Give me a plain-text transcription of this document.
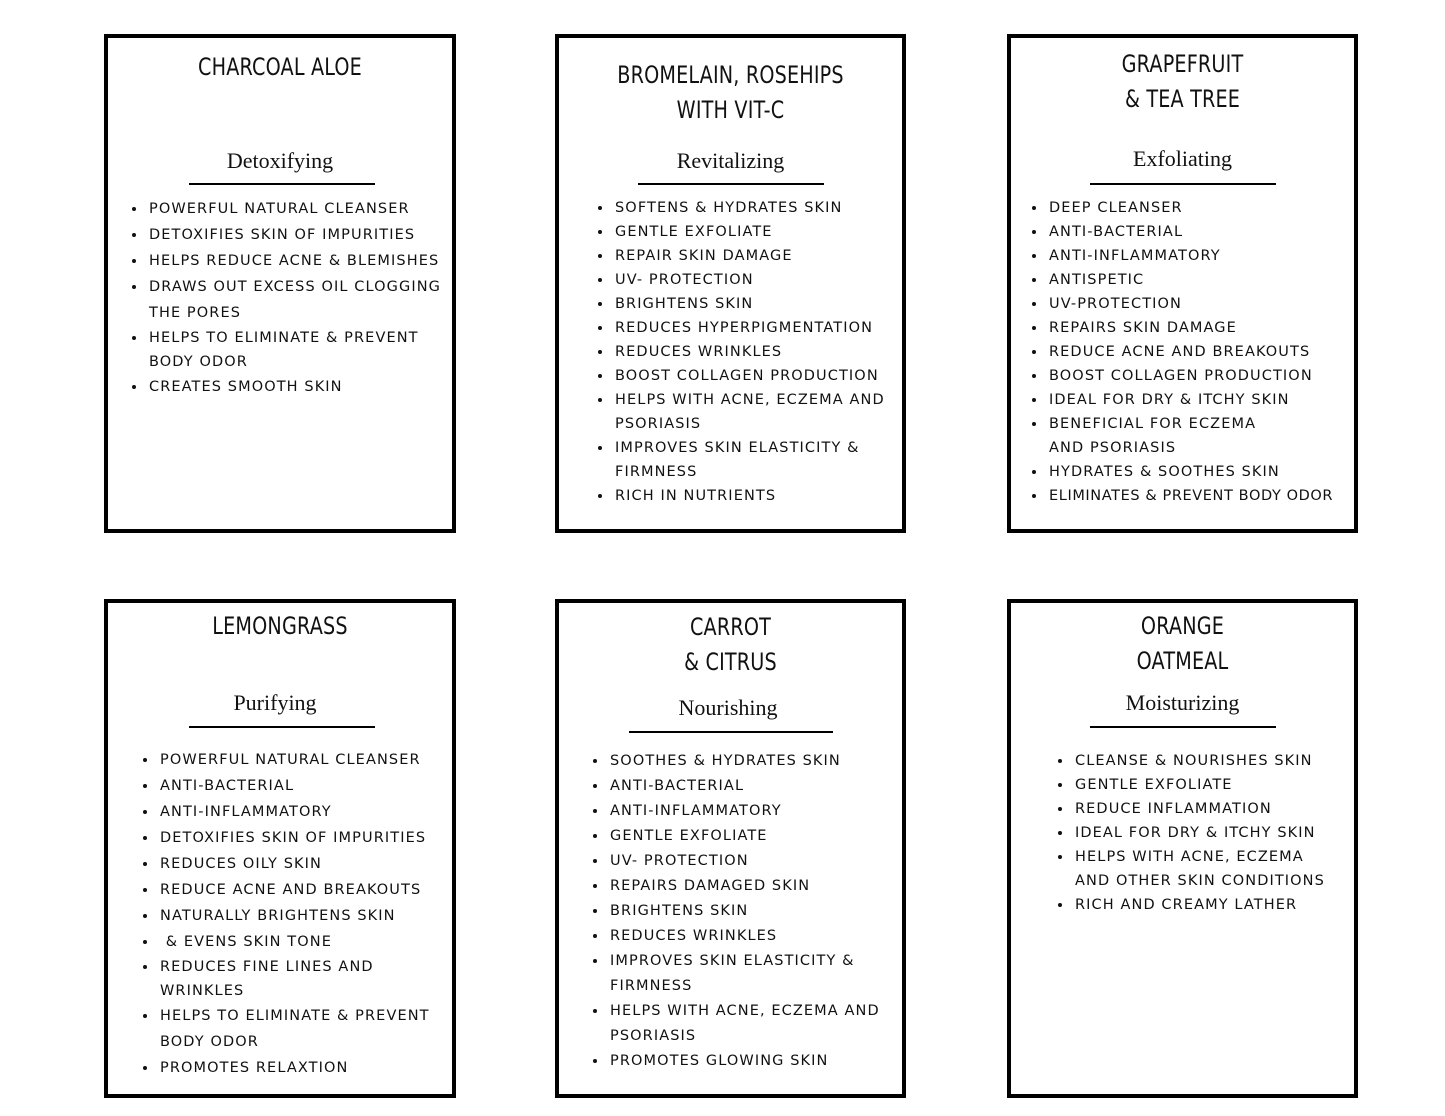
CHARCOAL ALOE
Detoxifying
• POWERFUL NATURAL CLEANSER
• DETOXIFIES SKIN OF IMPURITIES
• HELPS REDUCE ACNE & BLEMISHES
• DRAWS OUT EXCESS OIL CLOGGING THE PORES
• HELPS TO ELIMINATE & PREVENT BODY ODOR
• CREATES SMOOTH SKIN
BROMELAIN, ROSEHIPS
WITH VIT-C
Revitalizing
• SOFTENS & HYDRATES SKIN
• GENTLE EXFOLIATE
• REPAIR SKIN DAMAGE
• UV- PROTECTION
• BRIGHTENS SKIN
• REDUCES HYPERPIGMENTATION
• REDUCES WRINKLES
• BOOST COLLAGEN PRODUCTION
• HELPS WITH ACNE, ECZEMA AND PSORIASIS
• IMPROVES SKIN ELASTICITY & FIRMNESS
• RICH IN NUTRIENTS
GRAPEFRUIT
& TEA TREE
Exfoliating
• DEEP CLEANSER
• ANTI-BACTERIAL
• ANTI-INFLAMMATORY
• ANTISPETIC
• UV-PROTECTION
• REPAIRS SKIN DAMAGE
• REDUCE ACNE AND BREAKOUTS
• BOOST COLLAGEN PRODUCTION
• IDEAL FOR DRY & ITCHY SKIN
• BENEFICIAL FOR ECZEMA AND PSORIASIS
• HYDRATES & SOOTHES SKIN
• ELIMINATES & PREVENT BODY ODOR
LEMONGRASS
Purifying
• POWERFUL NATURAL CLEANSER
• ANTI-BACTERIAL
• ANTI-INFLAMMATORY
• DETOXIFIES SKIN OF IMPURITIES
• REDUCES OILY SKIN
• REDUCE ACNE AND BREAKOUTS
• NATURALLY BRIGHTENS SKIN
•  & EVENS SKIN TONE
• REDUCES FINE LINES AND WRINKLES
• HELPS TO ELIMINATE & PREVENT BODY ODOR
• PROMOTES RELAXTION
CARROT
& CITRUS
Nourishing
• SOOTHES & HYDRATES SKIN
• ANTI-BACTERIAL
• ANTI-INFLAMMATORY
• GENTLE EXFOLIATE
• UV- PROTECTION
• REPAIRS DAMAGED SKIN
• BRIGHTENS SKIN
• REDUCES WRINKLES
• IMPROVES SKIN ELASTICITY & FIRMNESS
• HELPS WITH ACNE, ECZEMA AND PSORIASIS
• PROMOTES GLOWING SKIN
ORANGE
OATMEAL
Moisturizing
• CLEANSE & NOURISHES SKIN
• GENTLE EXFOLIATE
• REDUCE INFLAMMATION
• IDEAL FOR DRY & ITCHY SKIN
• HELPS WITH ACNE, ECZEMA AND OTHER SKIN CONDITIONS
• RICH AND CREAMY LATHER
